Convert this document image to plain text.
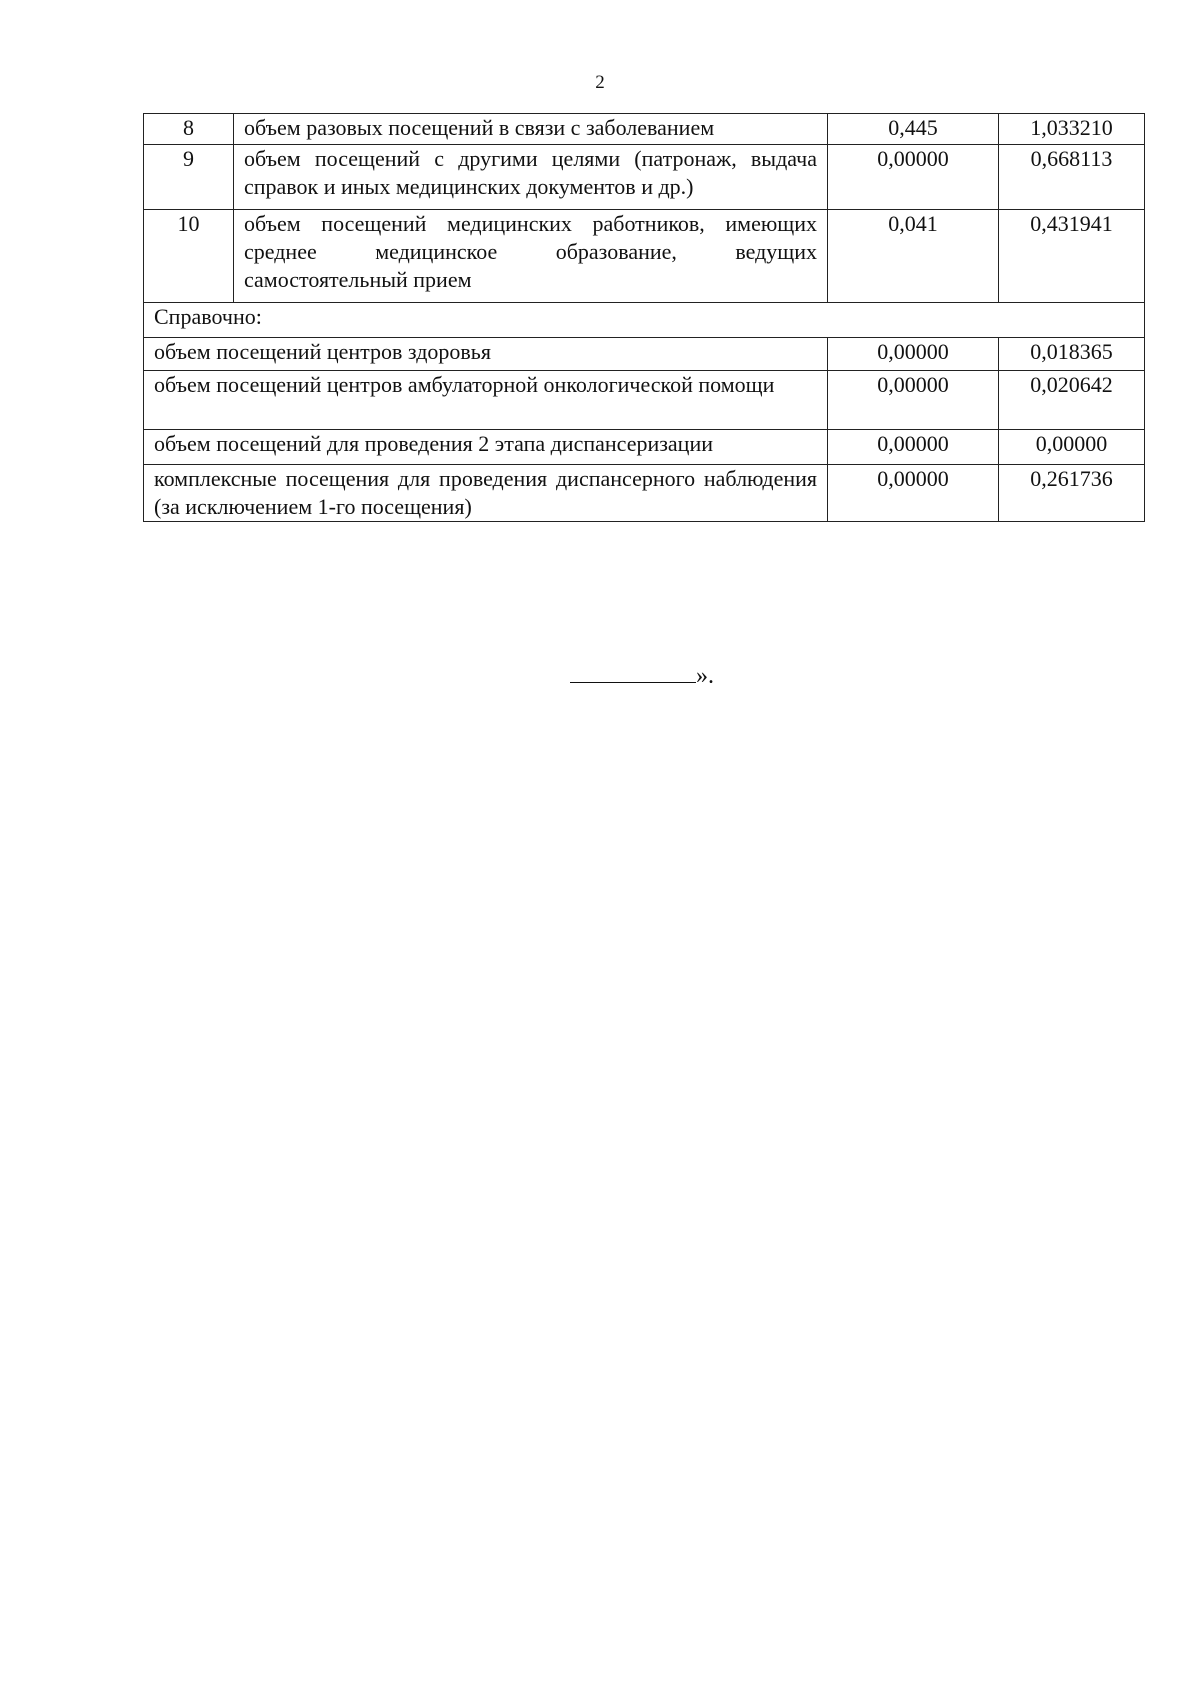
2
8	объем разовых посещений в связи с заболеванием	0,445	1,033210
9	объем посещений с другими целями (патронаж, выдача справок и иных медицинских документов и др.)	0,00000	0,668113
10	объем посещений медицинских работников, имеющих среднее медицинское образование, ведущих самостоятельный прием	0,041	0,431941
Справочно:			
объем посещений центров здоровья		0,00000	0,018365
объем посещений центров амбулаторной онкологической помощи		0,00000	0,020642
объем посещений для проведения 2 этапа диспансеризации		0,00000	0,00000
комплексные посещения для проведения диспансерного наблюдения (за исключением 1-го посещения)		0,00000	0,261736
».
